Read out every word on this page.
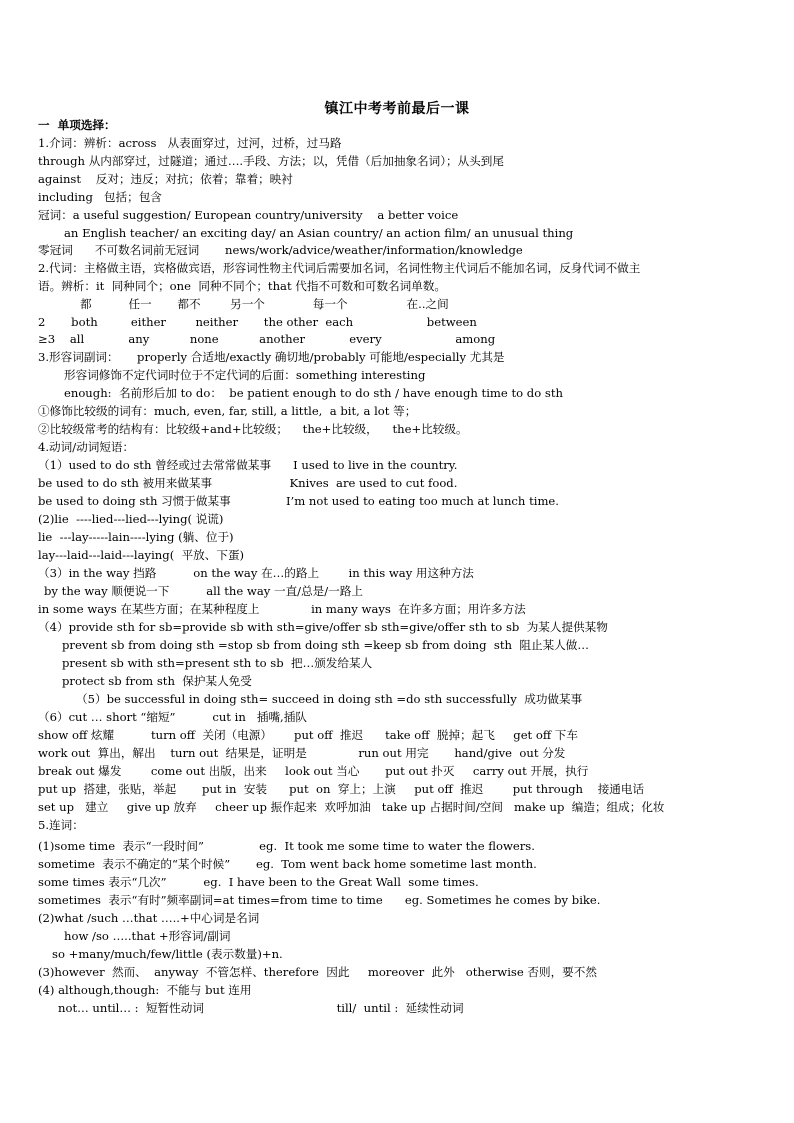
镇江中考考前最后一课
一  单项选择：
1.介词：辨析：across   从表面穿过，过河，过桥，过马路
through 从内部穿过，过隧道；通过….手段、方法；以，凭借（后加抽象名词）；从头到尾
against    反对；违反；对抗；依着；靠着；映衬
including   包括；包含
冠词：a useful suggestion/ European country/university    a better voice
an English teacher/ an exciting day/ an Asian country/ an action film/ an unusual thing
零冠词      不可数名词前无冠词       news/work/advice/weather/information/knowledge
2.代词：主格做主语，宾格做宾语，形容词性物主代词后需要加名词，名词性物主代词后不能加名词，反身代词不做主
语。辨析：it  同种同个；one  同种不同个；that 代指不可数和可数名词单数。
都          任一       都不        另一个             每一个                在..之间
2       both         either        neither       the other  each                    between
≥3    all            any           none           another            every                    among
3.形容词副词：     properly 合适地/exactly 确切地/probably 可能地/especially 尤其是
形容词修饰不定代词时位于不定代词的后面：something interesting
enough:  名前形后加 to do：  be patient enough to do sth / have enough time to do sth
①修饰比较级的词有：much, even, far, still, a little,  a bit, a lot 等；
②比较级常考的结构有：比较级+and+比较级；    the+比较级，    the+比较级。
4.动词/动词短语：
（1）used to do sth 曾经或过去常常做某事      I used to live in the country.
be used to do sth 被用来做某事                     Knives  are used to cut food.
be used to doing sth 习惯于做某事               I’m not used to eating too much at lunch time.
(2)lie  ----lied---lied---lying( 说谎)
lie  ---lay-----lain----lying (躺、位于)
lay---laid---laid---laying(  平放、下蛋)
（3）in the way 挡路          on the way 在…的路上        in this way 用这种方法
by the way 顺便说一下          all the way 一直/总是/一路上
in some ways 在某些方面；在某种程度上              in many ways  在许多方面；用许多方法
（4）provide sth for sb=provide sb with sth=give/offer sb sth=give/offer sth to sb  为某人提供某物
prevent sb from doing sth =stop sb from doing sth =keep sb from doing  sth  阻止某人做…
present sb with sth=present sth to sb  把…颁发给某人
protect sb from sth  保护某人免受
（5）be successful in doing sth= succeed in doing sth =do sth successfully  成功做某事
（6）cut … short “缩短”          cut in   插嘴,插队
show off 炫耀          turn off  关闭（电源）      put off  推迟      take off  脱掉；起飞     get off 下车
work out  算出，解出    turn out  结果是，证明是              run out 用完       hand/give  out 分发
break out 爆发        come out 出版，出来     look out 当心       put out 扑灭     carry out 开展，执行
put up  搭建，张贴，举起       put in  安装      put  on  穿上；上演     put off  推迟        put through    接通电话
set up   建立     give up 放弃     cheer up 振作起来  欢呼加油   take up 占据时间/空间   make up  编造；组成；化妆
5.连词：
(1)some time  表示“一段时间”               eg.  It took me some time to water the flowers.
sometime  表示不确定的“某个时候”       eg.  Tom went back home sometime last month.
some times 表示“几次”          eg.  I have been to the Great Wall  some times.
sometimes  表示“有时”频率副词=at times=from time to time      eg. Sometimes he comes by bike.
(2)what /such …that …..+中心词是名词
how /so …..that +形容词/副词
so +many/much/few/little (表示数量)+n.
(3)however  然而、  anyway  不管怎样、therefore  因此     moreover  此外   otherwise 否则，要不然
(4) although,though:  不能与 but 连用
not… until… :  短暂性动词                                    till/  until :  延续性动词
